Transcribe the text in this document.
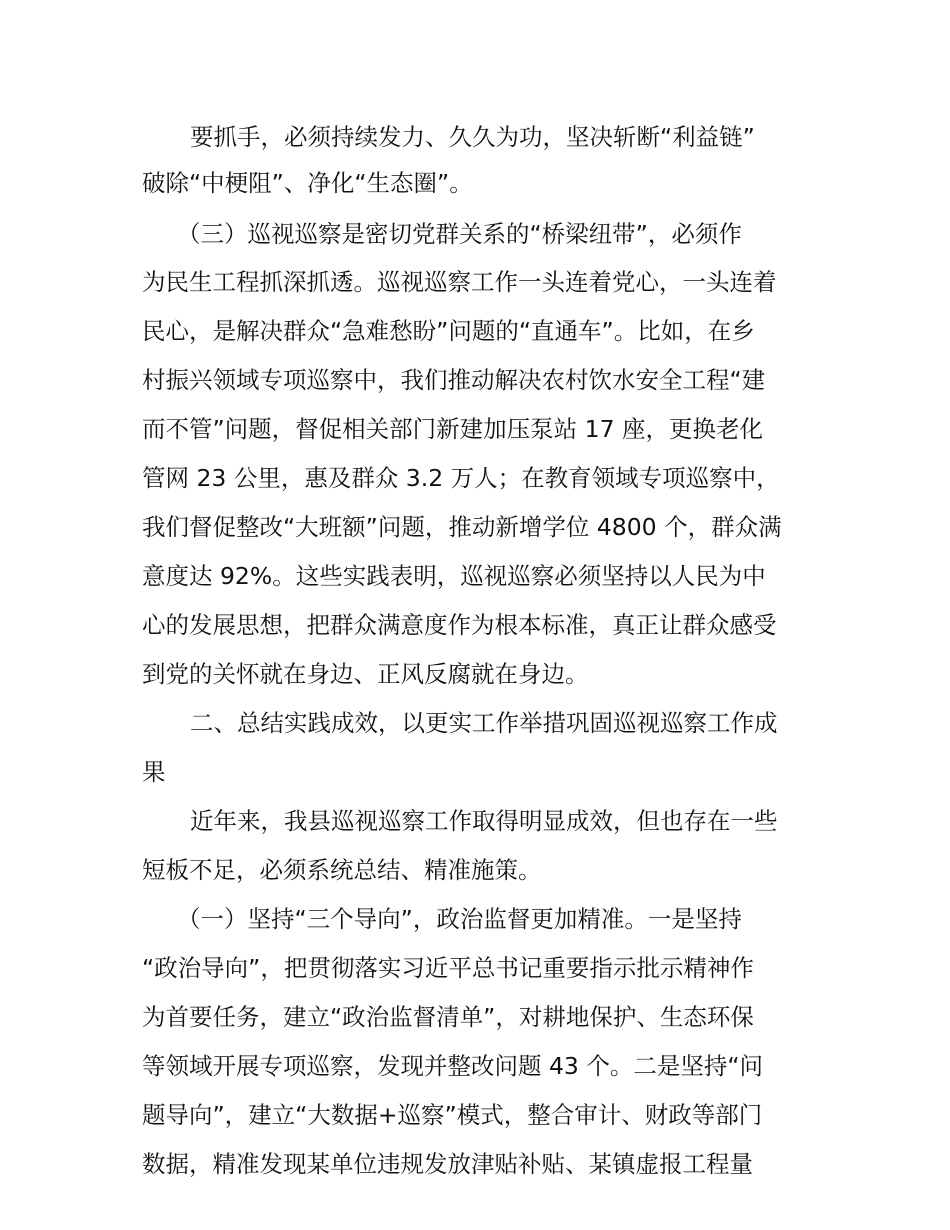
要抓手，必须持续发力、久久为功，坚决斩断“利益链”
破除“中梗阻”、净化“生态圈”。
（三）巡视巡察是密切党群关系的“桥梁纽带”，必须作
为民生工程抓深抓透。巡视巡察工作一头连着党心，一头连着
民心，是解决群众“急难愁盼”问题的“直通车”。比如，在乡
村振兴领域专项巡察中，我们推动解决农村饮水安全工程“建
而不管”问题，督促相关部门新建加压泵站 17 座，更换老化
管网 23 公里，惠及群众 3.2 万人；在教育领域专项巡察中，
我们督促整改“大班额”问题，推动新增学位 4800 个，群众满
意度达 92%。这些实践表明，巡视巡察必须坚持以人民为中
心的发展思想，把群众满意度作为根本标准，真正让群众感受
到党的关怀就在身边、正风反腐就在身边。
二、总结实践成效，以更实工作举措巩固巡视巡察工作成
果
近年来，我县巡视巡察工作取得明显成效，但也存在一些
短板不足，必须系统总结、精准施策。
（一）坚持“三个导向”，政治监督更加精准。一是坚持
“政治导向”，把贯彻落实习近平总书记重要指示批示精神作
为首要任务，建立“政治监督清单”，对耕地保护、生态环保
等领域开展专项巡察，发现并整改问题 43 个。二是坚持“问
题导向”，建立“大数据+巡察”模式，整合审计、财政等部门
数据，精准发现某单位违规发放津贴补贴、某镇虚报工程量
